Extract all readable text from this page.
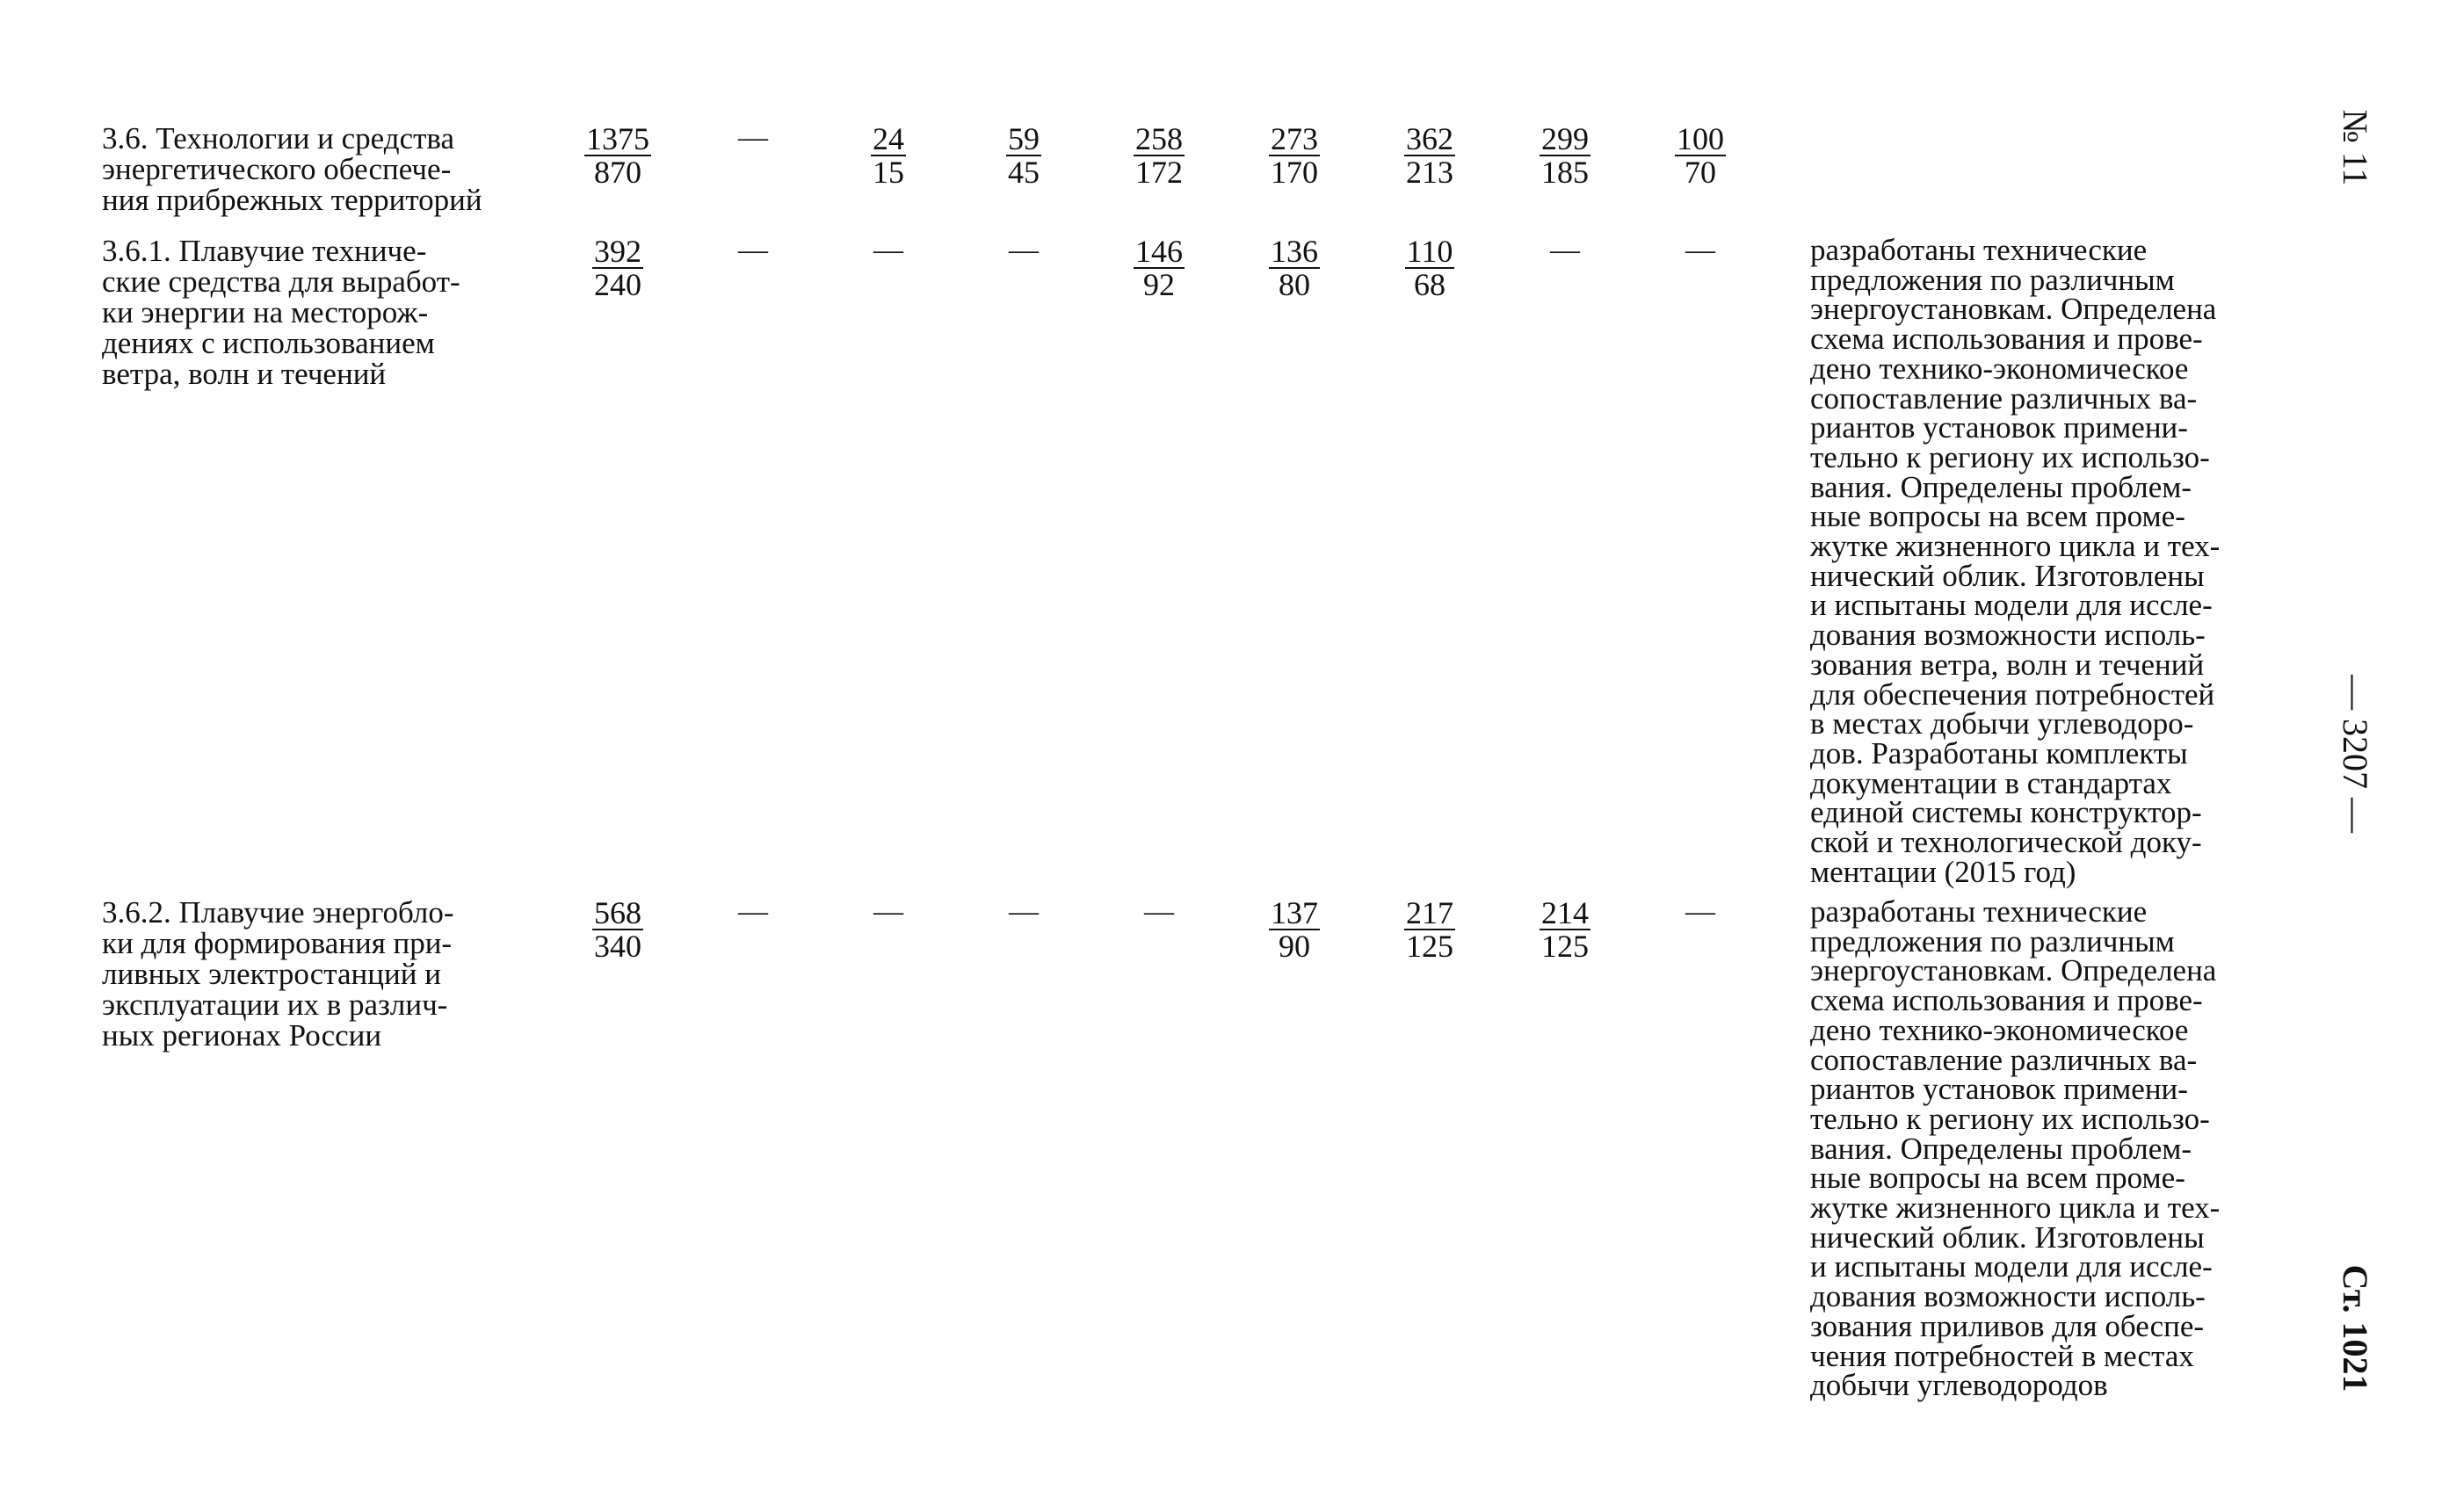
3.6. Технологии и средства
энергетического обеспече-
ния прибрежных территорий
$\frac{1375}{870}$	—	$\frac{24}{15} \frac{59}{45} \frac{258}{172} \frac{273}{170} \frac{362}{213} \frac{299}{185} \frac{100}{70}$
3.6.1. Плавучие техниче-
ские средства для выработ-
ки энергии на месторож-
дениях с использованием
ветра, волн и течений
$\frac{392}{240}$	—	—	—	$\frac{146}{92} \frac{136}{80} \frac{110}{68}$	—	—	разработаны технические
предложения по различным
энергоустановкам. Определена
схема использования и прове-
дено технико-экономическое
сопоставление различных ва-
риантов установок примени-
тельно к региону их использо-
вания. Определены проблем-
ные вопросы на всем проме-
жутке жизненного цикла и тех-
нический облик. Изготовлены
и испытаны модели для иссле-
дования возможности исполь-
зования ветра, волн и течений
для обеспечения потребностей
в местах добычи углеводоро-
дов. Разработаны комплекты
документации в стандартах
единой системы конструктор-
ской и технологической доку-
ментации (2015 год)
3.6.2. Плавучие энергобло-
ки для формирования при-
ливных электростанций и
эксплуатации их в различ-
ных регионах России
$\frac{568}{340}$	—	—	—	—	$\frac{137}{90} \frac{217}{125} \frac{214}{125}$	—	разработаны технические
предложения по различным
энергоустановкам. Определена
схема использования и прове-
дено технико-экономическое
сопоставление различных ва-
риантов установок примени-
тельно к региону их использо-
вания. Определены проблем-
ные вопросы на всем проме-
жутке жизненного цикла и тех-
нический облик. Изготовлены
и испытаны модели для иссле-
дования возможности исполь-
зования приливов для обеспе-
чения потребностей в местах
добычи углеводородов
№ 11
— 3207 —
Ст. 1021
